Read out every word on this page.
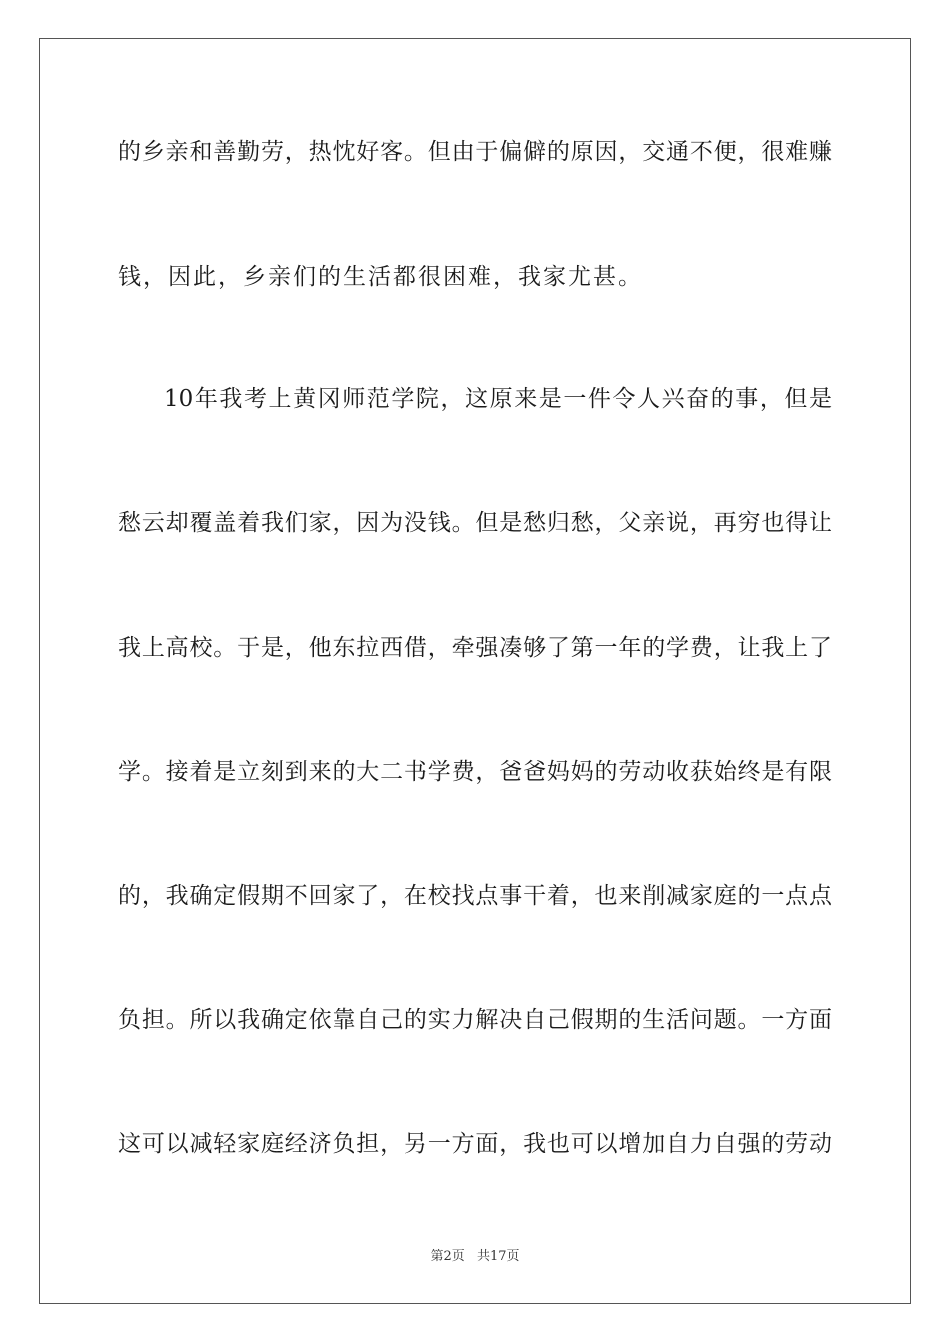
的乡亲和善勤劳，热忱好客。但由于偏僻的原因，交通不便，很难赚
钱，因此，乡亲们的生活都很困难，我家尤甚。
10年我考上黄冈师范学院，这原来是一件令人兴奋的事，但是
愁云却覆盖着我们家，因为没钱。但是愁归愁，父亲说，再穷也得让
我上高校。于是，他东拉西借，牵强凑够了第一年的学费，让我上了
学。接着是立刻到来的大二书学费，爸爸妈妈的劳动收获始终是有限
的，我确定假期不回家了，在校找点事干着，也来削减家庭的一点点
负担。所以我确定依靠自己的实力解决自己假期的生活问题。一方面
这可以减轻家庭经济负担，另一方面，我也可以增加自力自强的劳动
第2页 共17页
